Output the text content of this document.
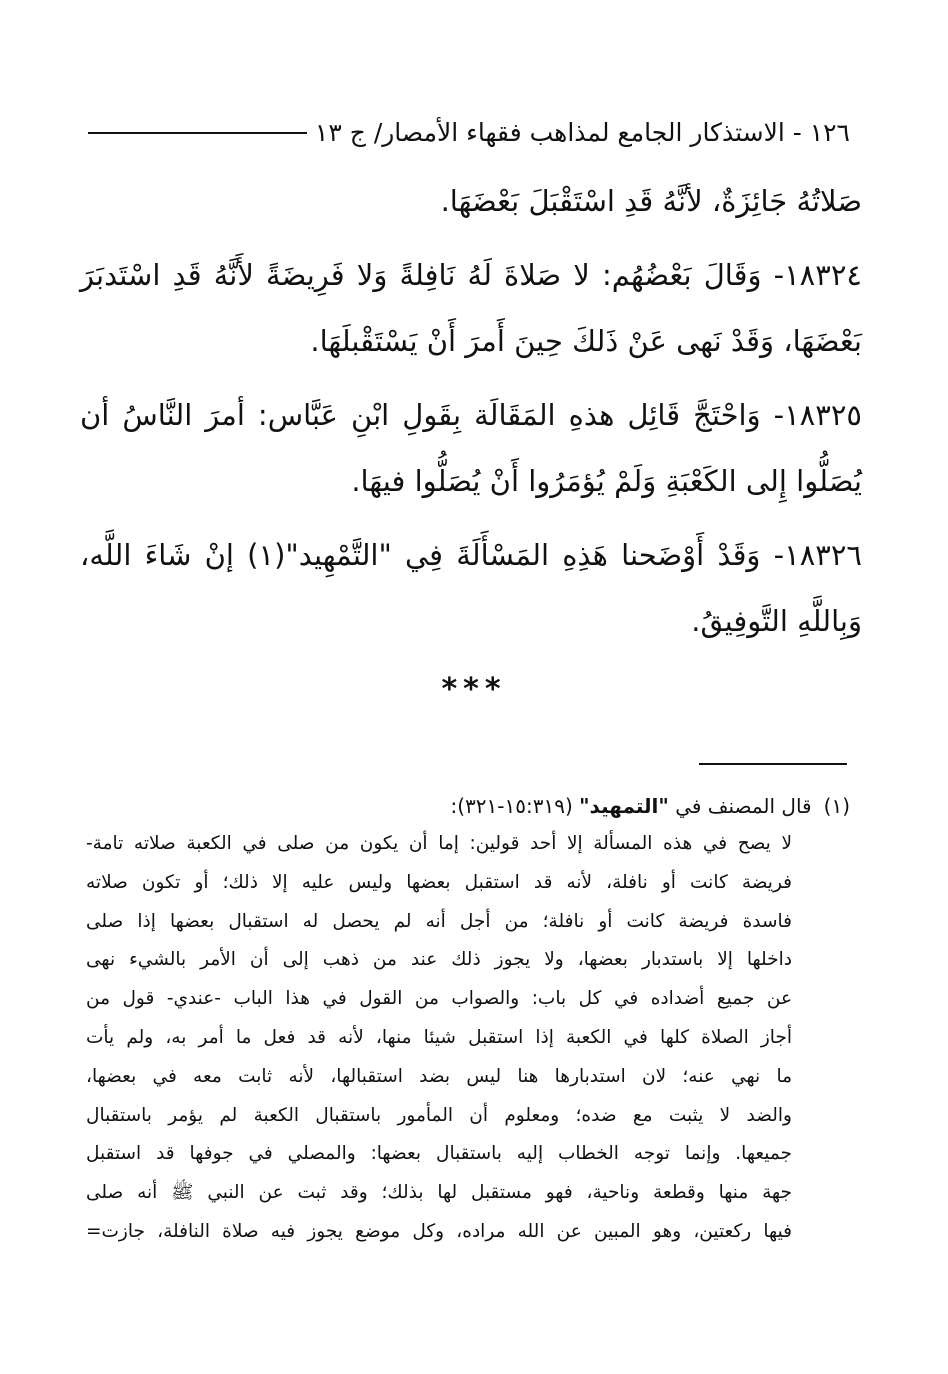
١٢٦ - الاستذكار الجامع لمذاهب فقهاء الأمصار/ ج ١٣

صَلاتُهُ جَائِزَةٌ، لأنَّهُ قَدِ اسْتَقْبَلَ بَعْضَهَا.

١٨٣٢٤- وَقَالَ بَعْضُهُم: لا صَلاةَ لَهُ نَافِلةً وَلا فَرِيضَةً لأَنَّهُ قَدِ اسْتَدبَرَ بَعْضَهَا، وَقَدْ نَهى عَنْ ذَلكَ حِينَ أَمرَ أَنْ يَسْتَقْبلَهَا.

١٨٣٢٥- وَاحْتَجَّ قَائِل هذهِ المَقَالَة بِقَولِ ابْنِ عَبَّاس: أمرَ النَّاسُ أن يُصَلُّوا إِلى الكَعْبَةِ وَلَمْ يُؤمَرُوا أَنْ يُصَلُّوا فيهَا.

١٨٣٢٦- وَقَدْ أَوْضَحنا هَذِهِ المَسْأَلَةَ فِي "التَّمْهِيد"(١) إنْ شَاءَ اللَّه، وَبِاللَّهِ التَّوفِيقُ.

***
(١)
قال المصنف في

"التمهيد"

(١٥:٣١٩-٣٢١):
لا يصح في هذه المسألة إلا أحد قولين: إما أن يكون من صلى في الكعبة صلاته تامة-
فريضة كانت أو نافلة، لأنه قد استقبل بعضها وليس عليه إلا ذلك؛ أو تكون صلاته
فاسدة فريضة كانت أو نافلة؛ من أجل أنه لم يحصل له استقبال بعضها إذا صلى
داخلها إلا باستدبار بعضها، ولا يجوز ذلك عند من ذهب إلى أن الأمر بالشيء نهى
عن جميع أضداده في كل باب: والصواب من القول في هذا الباب -عندي- قول من
أجاز الصلاة كلها في الكعبة إذا استقبل شيئا منها، لأنه قد فعل ما أمر به، ولم يأت
ما نهي عنه؛ لان استدبارها هنا ليس بضد استقبالها، لأنه ثابت معه في بعضها،
والضد لا يثبت مع ضده؛ ومعلوم أن المأمور باستقبال الكعبة لم يؤمر باستقبال
جميعها. وإنما توجه الخطاب إليه باستقبال بعضها: والمصلي في جوفها قد استقبل
جهة منها وقطعة وناحية، فهو مستقبل لها بذلك؛ وقد ثبت عن النبي ﷺ أنه صلى
فيها ركعتين، وهو المبين عن الله مراده، وكل موضع يجوز فيه صلاة النافلة، جازت=
